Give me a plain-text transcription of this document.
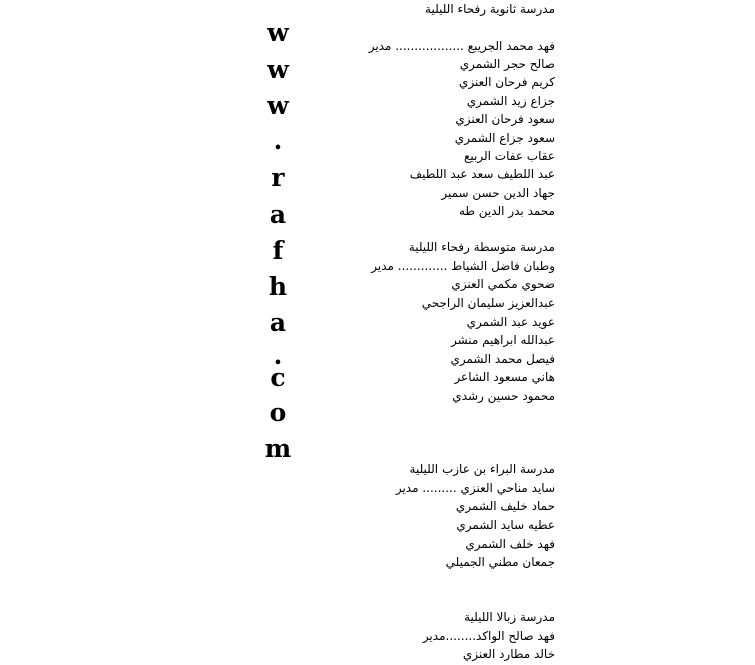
w
w
w
.
r
a
f
h
a
.
c
o
m
مدرسة ثانوية رفحاء الليلية
فهد محمد الجريبع .................. مدير
صالح حجر الشمري
كريم فرحان العنزي
جزاع زيد الشمري
سعود فرحان العنزي
سعود جزاع الشمري
عقاب عفات الربيع
عبد اللطيف سعد عبد اللطيف
جهاد الدين حسن سمير
محمد بدر الدين طه
مدرسة متوسطة رفحاء الليلية
وطبان فاضل الشياط ............. مدير
ضحوي مكمي العنزي
عبدالعزيز سليمان الراجحي
عويد عبد الشمري
عبدالله ابراهيم منشر
فيصل محمد الشمري
هاني مسعود الشاعر
محمود حسين رشدي
مدرسة البراء بن عازب الليلية
سايد مناحي العنزي ......... مدير
حماد خليف الشمري
عطيه سايد الشمري
فهد خلف الشمري
جمعان مطني الجميلي
مدرسة زبالا الليلية
فهد صالح الواكد........مدير
خالد مطارد العنزي
